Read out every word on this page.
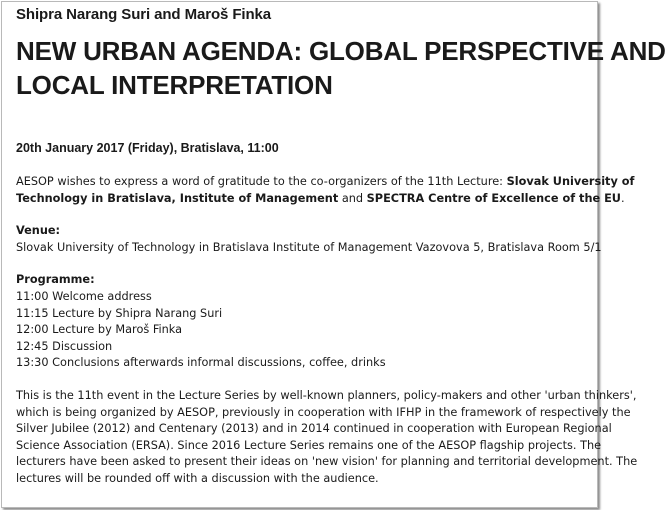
Shipra Narang Suri and Maroš Finka
NEW URBAN AGENDA: GLOBAL PERSPECTIVE AND
LOCAL INTERPRETATION
20th January 2017 (Friday), Bratislava, 11:00

AESOP wishes to express a word of gratitude to the co-organizers of the 11th Lecture: Slovak University of
Technology in Bratislava, Institute of Management and SPECTRA Centre of Excellence of the EU.

Venue:
Slovak University of Technology in Bratislava Institute of Management Vazovova 5, Bratislava Room 5/1
Programme:
11:00 Welcome address
11:15 Lecture by Shipra Narang Suri
12:00 Lecture by Maroš Finka
12:45 Discussion
13:30 Conclusions afterwards informal discussions, coffee, drinks

This is the 11th event in the Lecture Series by well-known planners, policy-makers and other 'urban thinkers',
which is being organized by AESOP, previously in cooperation with IFHP in the framework of respectively the
Silver Jubilee (2012) and Centenary (2013) and in 2014 continued in cooperation with European Regional
Science Association (ERSA). Since 2016 Lecture Series remains one of the AESOP flagship projects. The
lecturers have been asked to present their ideas on 'new vision' for planning and territorial development. The
lectures will be rounded off with a discussion with the audience.
